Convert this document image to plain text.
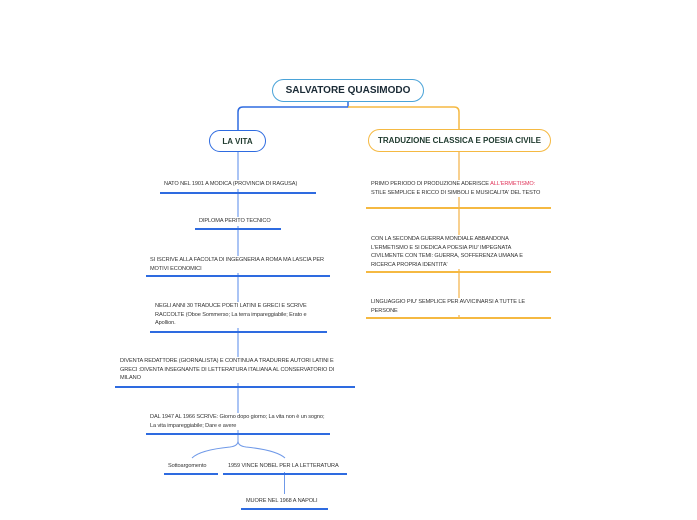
SALVATORE QUASIMODO
LA VITA	TRADUZIONE CLASSICA E POESIA CIVILE
NATO NEL 1901 A MODICA (PROVINCIA DI RAGUSA)
DIPLOMA PERITO TECNICO
SI ISCRIVE ALLA FACOLTA DI INGEGNERIA A ROMA MA LASCIA PER MOTIVI ECONOMICI
NEGLI ANNI 30 TRADUCE POETI LATINI E GRECI E SCRIVE RACCOLTE (Oboe Sommerso; La terra impareggiabile; Erato e Apollion.
DIVENTA REDATTORE (GIORNALISTA) E CONTINUA A TRADURRE AUTORI LATINI E GRECI :DIVENTA INSEGNANTE DI LETTERATURA ITALIANA AL CONSERVATORIO DI MILANO
DAL 1947 AL 1966 SCRIVE: Giorno dopo giorno; La vita non è un sogno; La vita impareggiabile; Dare e avere
Sottoargomento	1959 VINCE NOBEL PER LA LETTERATURA
MUORE NEL 1968 A NAPOLI
PRIMO PERIODO DI PRODUZIONE ADERISCE ALL'ERMETISMO: STILE SEMPLICE E RICCO DI SIMBOLI E MUSICALITA' DEL TESTO
CON LA SECONDA GUERRA MONDIALE ABBANDONA L'ERMETISMO E SI DEDICA A POESIA PIU' IMPEGNATA CIVILMENTE CON TEMI: GUERRA, SOFFERENZA UMANA E RICERCA PROPRIA IDENTITA'
LINGUAGGIO PIU' SEMPLICE PER AVVICINARSI A TUTTE LE PERSONE
